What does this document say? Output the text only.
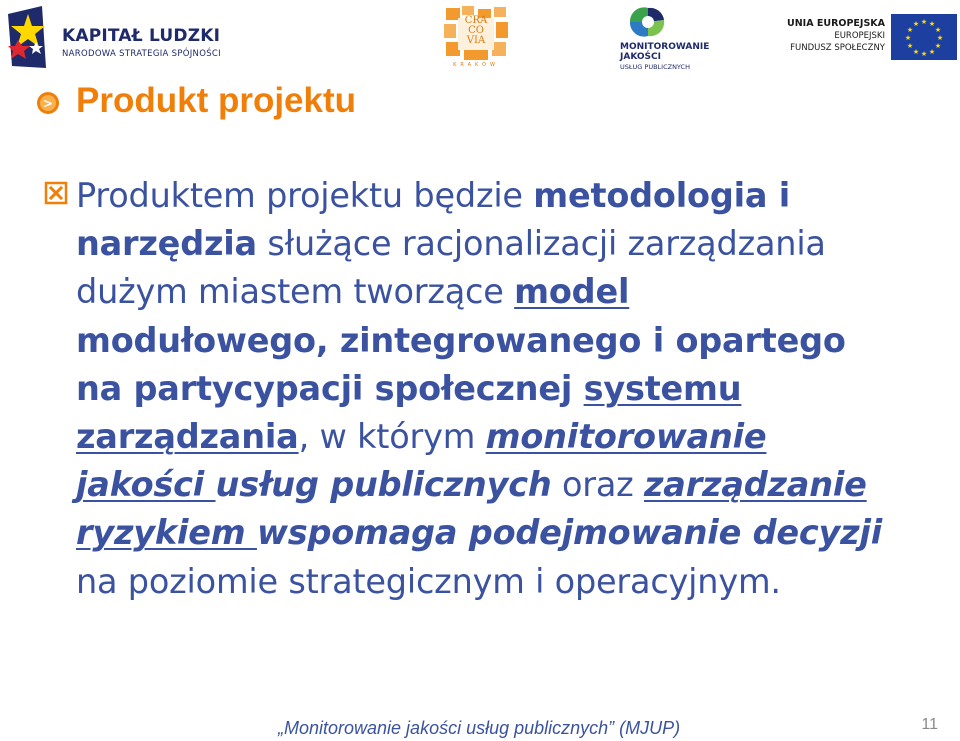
KAPITAŁ LUDZKI
NARODOWA STRATEGIA SPÓJNOŚCI
CRA
CO
VIA
KRAKÓW
MONITOROWANIE
JAKOŚCI
USŁUG PUBLICZNYCH
UNIA EUROPEJSKA
EUROPEJSKI
FUNDUSZ SPOŁECZNY
★ ★
★
★
★
★
★
★
★
★
★
★
> Produkt projektu
Produktem projektu będzie metodologia i
narzędzia służące racjonalizacji zarządzania
dużym miastem tworzące model
modułowego, zintegrowanego i opartego
na partycypacji społecznej systemu
zarządzania, w którym monitorowanie
jakości usług publicznych oraz zarządzanie
ryzykiem wspomaga podejmowanie decyzji
na poziomie strategicznym i operacyjnym.
„Monitorowanie jakości usług publicznych” (MJUP)	11
